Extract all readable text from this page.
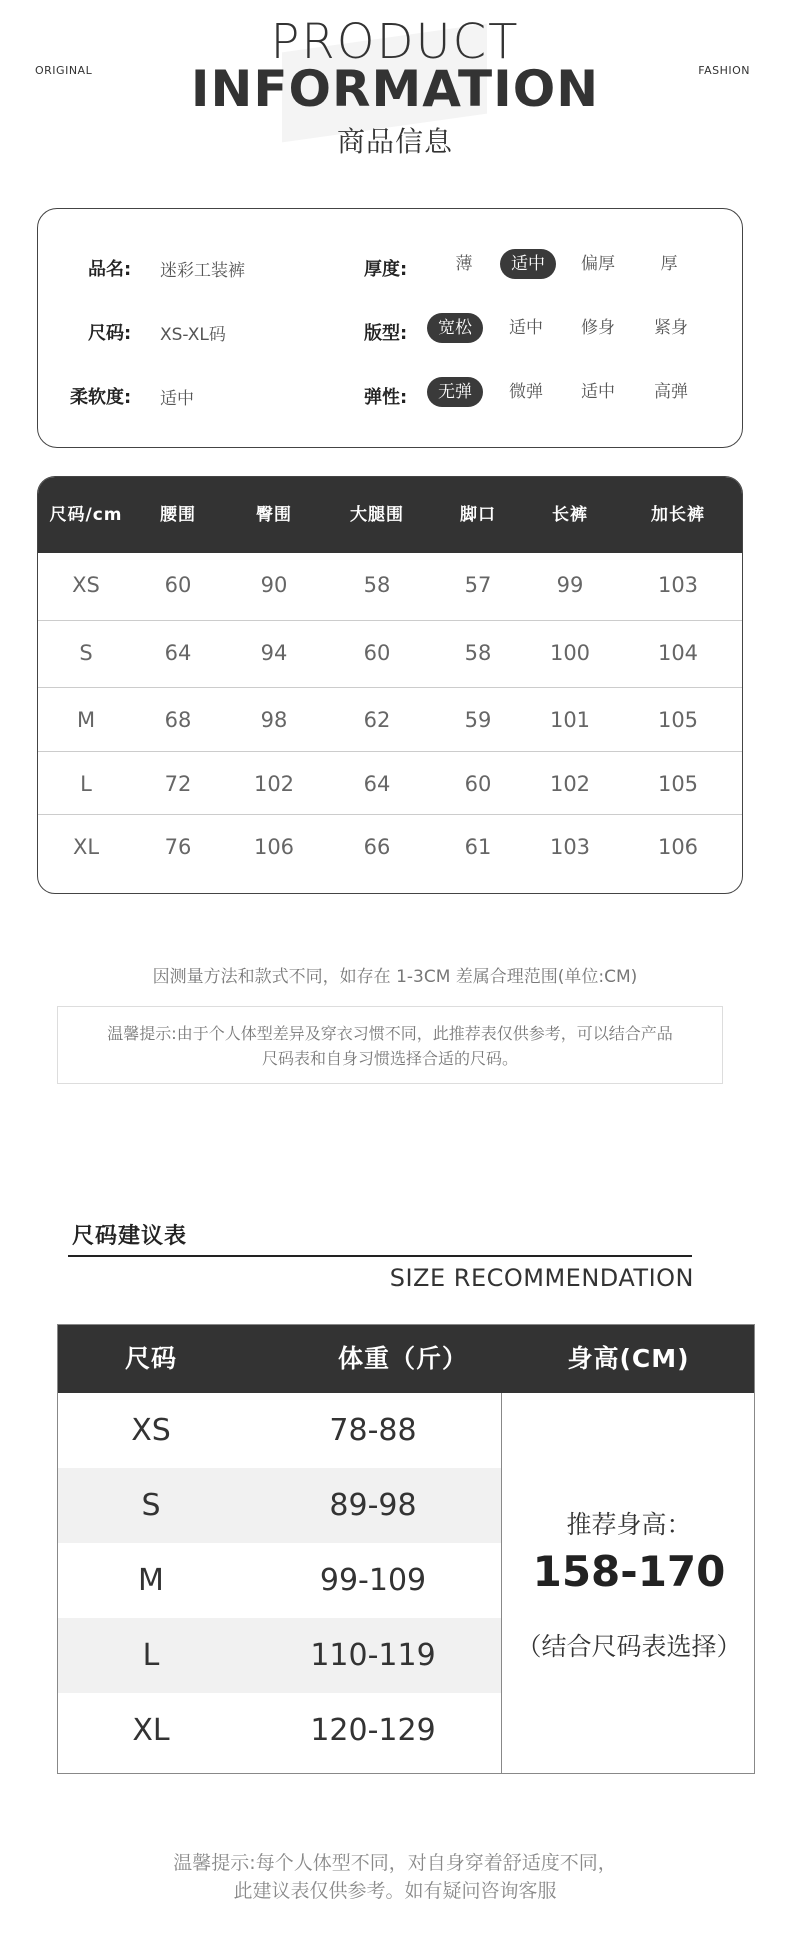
ORIGINAL	FASHION
PRODUCT
INFORMATION
商品信息
品名: 迷彩工装裤
尺码: XS-XL码
柔软度: 适中
厚度:	薄	适中	偏厚	厚
版型:	宽松	适中	修身	紧身
弹性:	无弹	微弹	适中	高弹
尺码/cm	腰围	臀围	大腿围	脚口	长裤	加长裤
XS	60	90	58	57	99	103
S	64	94	60	58	100	104
M	68	98	62	59	101	105
L	72	102	64	60	102	105
XL	76	106	66	61	103	106
因测量方法和款式不同，如存在 1-3CM 差属合理范围(单位:CM)
温馨提示:由于个人体型差异及穿衣习惯不同，此推荐表仅供参考，可以结合产品
尺码表和自身习惯选择合适的尺码。
尺码建议表
SIZE RECOMMENDATION
尺码	体重（斤）	身高(CM)
XS	78-88
S	89-98
M	99-109
L	110-119
XL	120-129
推荐身高：
158-170
（结合尺码表选择）
温馨提示:每个人体型不同，对自身穿着舒适度不同，
此建议表仅供参考。如有疑问咨询客服
